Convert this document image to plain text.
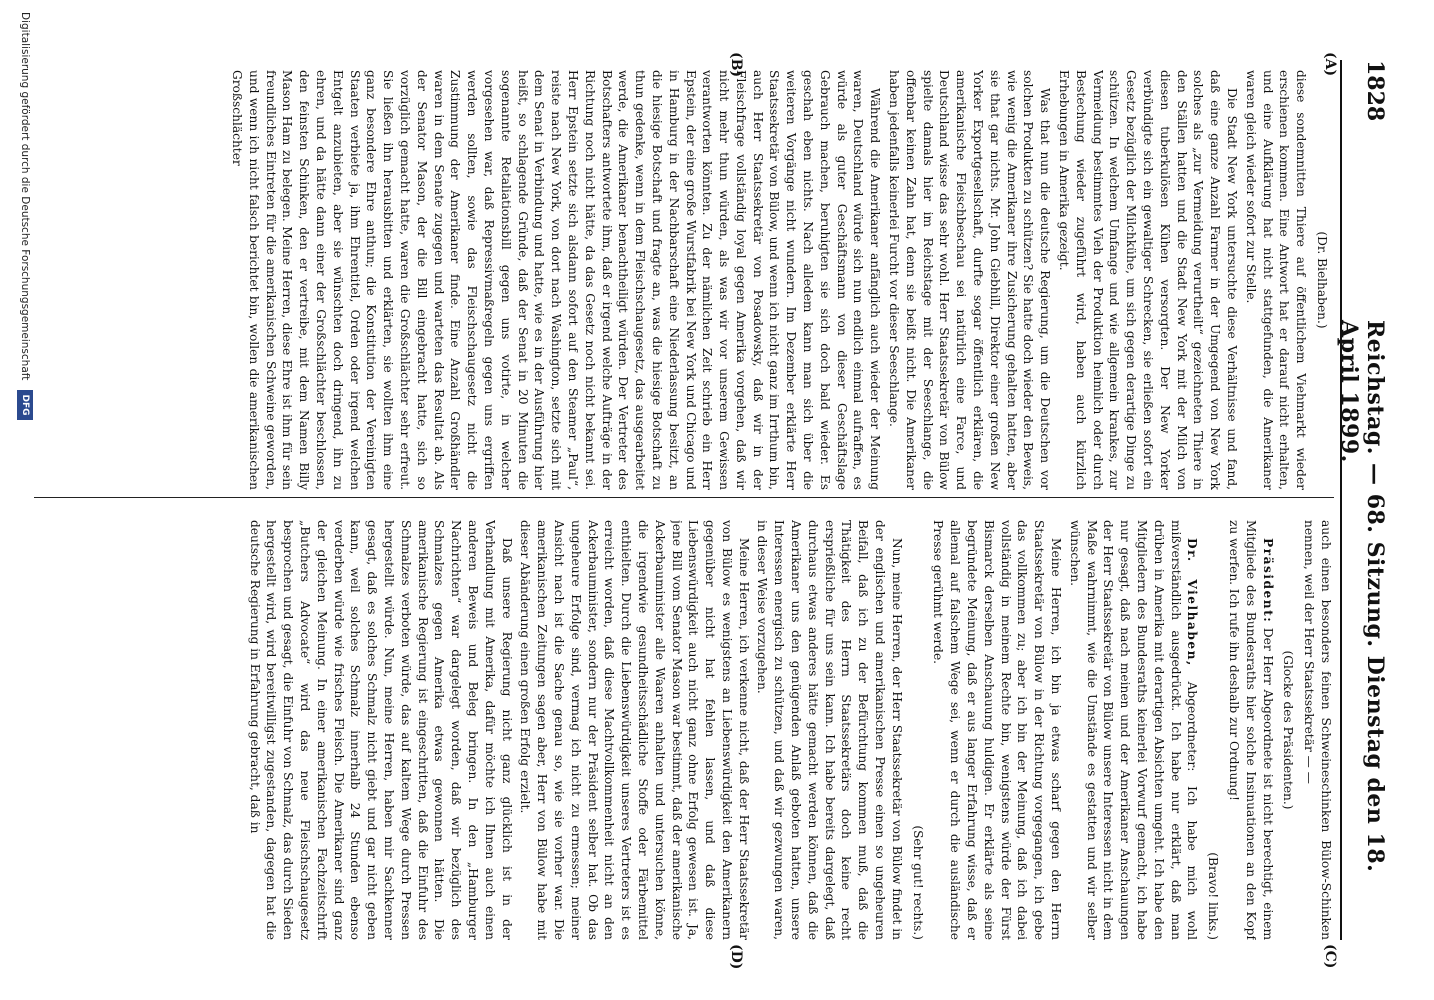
1828
Reichstag. — 68. Sitzung. Dienstag den 18. April 1899.
(A)
(B)
(C)
(D)

(Dr. Bielhaben.)

diese sondemnitten Thiere auf öffentlichem Viehmarkt wieder erschienen kommen. Eine Antwort hat er darauf nicht erhalten, und eine Aufklärung hat nicht stattgefunden, die Amerikaner waren gleich wieder sofort zur Stelle.

Die Stadt New York untersuchte diese Verhältnisse und fand, daß eine ganze Anzahl Farmer in der Umgegend von New York solches als „zur Vermeidung verurtheilt“ gezeichneten Thiere in den Ställen hatten und die Stadt New York mit der Milch von diesen tuberkulösen Kühen versorgten. Der New Yorker verbündigte sich ein gewaltiger Schrecken, sie erließen sofort ein Gesetz bezüglich der Milchkühe, um sich gegen derartige Dinge zu schützen. In welchem Umfange und wie allgemein krankes, zur Vermeidung bestimmtes Vieh der Produktion heimlich oder durch Bestechung wieder zugeführt wird, haben auch kürzlich Erhebungen in Amerika gezeigt.

Was that nun die deutsche Regierung, um die Deutschen vor solchen Produkten zu schützen? Sie hatte doch wieder den Beweis, wie wenig die Amerikaner ihre Zusicherung gehalten hatten, aber sie that gar nichts. Mr. John Giebhill, Direktor einer großen New Yorker Exportgesellschaft, durfte sogar öffentlich erklären, die amerikanische Fleischbeschau sei natürlich eine Farce, und Deutschland wisse das sehr wohl. Herr Staatssekretär von Bülow spielte damals hier im Reichstage mit der Seeschlange, die offenbar keinen Zahn hat, denn sie beißt nicht. Die Amerikaner haben jedenfalls keinerlei Furcht vor dieser Seeschlange.

Während die Amerikaner anfänglich auch wieder der Meinung waren, Deutschland würde sich nun endlich einmal aufraffen, es würde als guter Geschäftsmann von dieser Geschäftslage Gebrauch machen, beruhigten sie sich doch bald wieder. Es geschah eben nichts. Nach alledem kann man sich über die weiteren Vorgänge nicht wundern. Im Dezember erklärte Herr Staatssekretär von Bülow, und wenn ich nicht ganz im Irrthum bin, auch Herr Staatssekretär von Posadowsky, daß wir in der Fleischfrage vollständig loyal gegen Amerika vorgehen, daß wir nicht mehr thun würden, als was wir vor unserem Gewissen verantworten könnten. Zu der nämlichen Zeit schrieb ein Herr Epstein, der eine große Wurstfabrik bei New York und Chicago und in Hamburg in der Nachbarschaft eine Niederlassung besitzt, an die hiesige Botschaft und fragte an, was die hiesige Botschaft zu thun gedenke, wenn in dem Fleischschaugesetz, das ausgearbeitet werde, die Amerikaner benachtheiligt würden. Der Vertreter des Botschafters antwortete ihm, daß er irgend welche Aufträge in der Richtung noch nicht hätte, da das Gesetz noch nicht bekannt sei. Herr Epstein setzte sich alsdann sofort auf den Steamer „Paul“, reiste nach New York, von dort nach Washington, setzte sich mit dem Senat in Verbindung und hatte, wie es in der Ausführung hier heißt, so schlagende Gründe, daß der Senat in 20 Minuten die sogenannte Retaliationsbill gegen uns votirte, in welcher vorgesehen war, daß Repressivmaßregeln gegen uns ergriffen werden sollten, sowie das Fleischschaugesetz nicht die Zustimmung der Amerikaner finde. Eine Anzahl Großhändler waren in dem Senate zugegen und warteten das Resultat ab. Als der Senator Mason, der die Bill eingebracht hatte, sich so vorzüglich gemacht hatte, waren die Großschlächter sehr erfreut. Sie ließen ihn herausbitten und erklärten, sie wollten ihm eine ganz besondere Ehre anthun; die Konstitution der Vereinigten Staaten verbiete ja, ihm Ehrentitel, Orden oder irgend welchen Entgelt anzubieten, aber sie wünschten doch dringend, ihn zu ehren, und da hätte dann einer der Großschlächter beschlossen, den feinsten Schinken, den er vertreibe, mit dem Namen Billy Mason Ham zu belegen. Meine Herren, diese Ehre ist ihm für sein freundliches Eintreten für die amerikanischen Schweine geworden, und wenn ich nicht falsch berichtet bin, wollen die amerikanischen Großschlächter

auch einen besonders feinen Schweineschinken Bülow-Schinken nennen, weil der Herr Staatssekretär — —

(Glocke des Präsidenten.)

Präsident: Der Herr Abgeordnete ist nicht berechtigt, einem Mitgliede des Bundesraths hier solche Insinuationen an den Kopf zu werfen. Ich rufe ihn deshalb zur Ordnung!

(Bravo! links.)

Dr. Vielhaben, Abgeordneter: Ich habe mich wohl mißverständlich ausgedrückt. Ich habe nur erklärt, daß man drüben in Amerika mit derartigen Absichten umgeht. Ich habe den Mitgliedern des Bundesraths keinerlei Vorwurf gemacht, ich habe nur gesagt, daß nach meinen und der Amerikaner Anschauungen der Herr Staatssekretär von Bülow unsere Interessen nicht in dem Maße wahrnimmt, wie die Umstände es gestatten und wir selber wünschen.

Meine Herren, ich bin ja etwas scharf gegen den Herrn Staatssekretär von Bülow in der Richtung vorgegangen, ich gebe das vollkommen zu; aber ich bin der Meinung, daß ich dabei vollständig in meinem Rechte bin, wenigstens würde der Fürst Bismarck derselben Anschauung huldigen. Er erklärte als seine begründete Meinung, daß er aus langer Erfahrung wisse, daß er allemal auf falschem Wege sei, wenn er durch die ausländische Presse gerühmt werde.

(Sehr gut! rechts.)

Nun, meine Herren, der Herr Staatssekretär von Bülow findet in der englischen und amerikanischen Presse einen so ungeheuren Beifall, daß ich zu der Befürchtung kommen muß, daß die Thätigkeit des Herrn Staatssekretärs doch keine recht ersprießliche für uns sein kann. Ich habe bereits dargelegt, daß durchaus etwas anderes hätte gemacht werden können, daß die Amerikaner uns den genügenden Anlaß geboten hatten, unsere Interessen energisch zu schützen, und daß wir gezwungen waren, in dieser Weise vorzugehen.

Meine Herren, ich verkenne nicht, daß der Herr Staatssekretär von Bülow es wenigstens an Liebenswürdigkeit den Amerikanern gegenüber nicht hat fehlen lassen, und daß diese Liebenswürdigkeit auch nicht ganz ohne Erfolg gewesen ist. Ja, jene Bill vom Senator Mason war bestimmt, daß der amerikanische Ackerbauminister alle Waaren anhalten und untersuchen könne, die irgendwie gesundheitsschädliche Stoffe oder Färbemittel enthielten. Durch die Liebenswürdigkeit unseres Vertreters ist es erreicht worden, daß diese Machtvollkommenheit nicht an den Ackerbauminister, sondern nur der Präsident selber hat. Ob das ungeheure Erfolge sind, vermag ich nicht zu ermessen; meiner Ansicht nach ist die Sache genau so, wie sie vorher war. Die amerikanischen Zeitungen sagen aber, Herr von Bülow habe mit dieser Abänderung einen großen Erfolg erzielt.

Daß unsere Regierung nicht ganz glücklich ist in der Verhandlung mit Amerika, dafür möchte ich Ihnen auch einen anderen Beweis und Beleg bringen. In den „Hamburger Nachrichten“ war dargelegt worden, daß wir bezüglich des Schmalzes gegen Amerika etwas gewonnen hätten. Die amerikanische Regierung ist eingeschritten, daß die Einfuhr des Schmalzes verboten würde, das auf kaltem Wege durch Pressen hergestellt würde. Nun, meine Herren, haben mir Sachkenner gesagt, daß es solches Schmalz nicht giebt und gar nicht geben kann, weil solches Schmalz innerhalb 24 Stunden ebenso verderben würde wie frisches Fleisch. Die Amerikaner sind ganz der gleichen Meinung. In einer amerikanischen Fachzeitschrift „Butchers Advocate“ wird das neue Fleischschaugesetz besprochen und gesagt, die Einfuhr von Schmalz, das durch Sieden hergestellt wird, wird bereitwilligst zugestanden, dagegen hat die deutsche Regierung in Erfahrung gebracht, daß in

Digitalisierung gefördert durch die Deutsche Forschungsgemeinschaft
DFG
